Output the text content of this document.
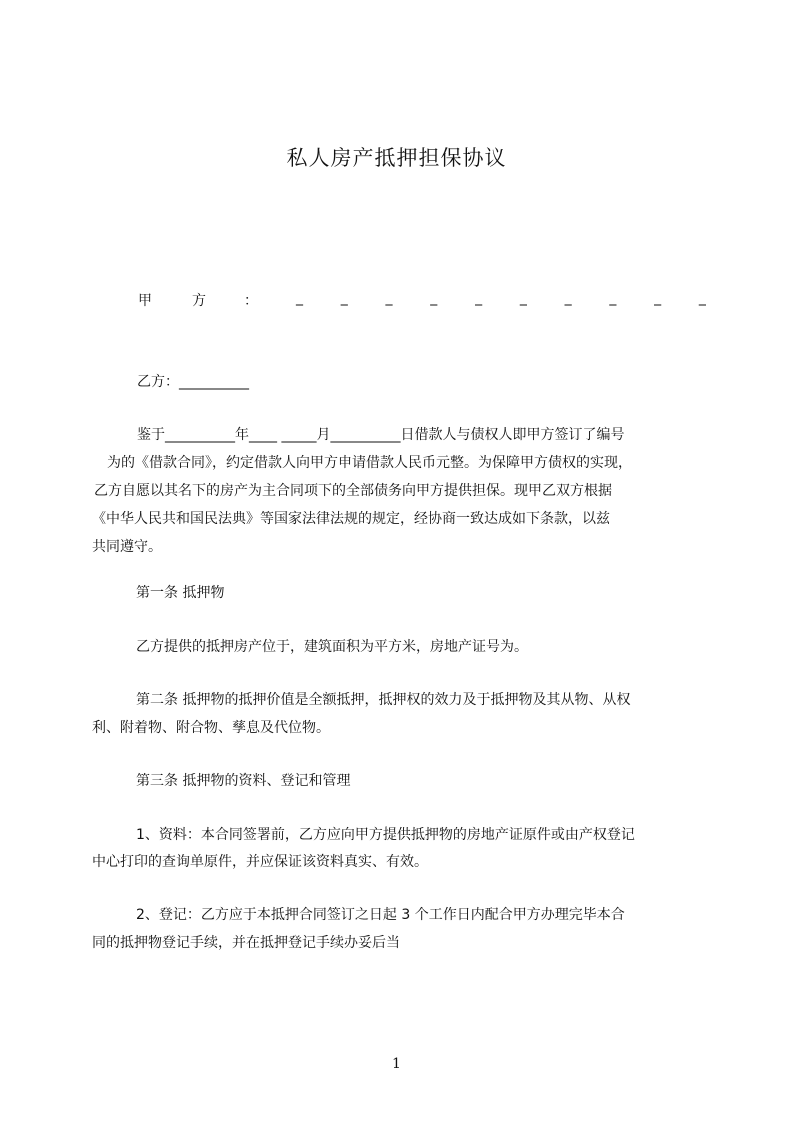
私人房产抵押担保协议
甲	方	：	_	_	_	_	_	_	_	_	_	_
乙方：__________
鉴于__________年____ _____月__________日借款人与债权人即甲方签订了编号
为的《借款合同》，约定借款人向甲方申请借款人民币元整。为保障甲方债权的实现，
乙方自愿以其名下的房产为主合同项下的全部债务向甲方提供担保。现甲乙双方根据
《中华人民共和国民法典》等国家法律法规的规定，经协商一致达成如下条款，以兹
共同遵守。
第一条 抵押物
乙方提供的抵押房产位于，建筑面积为平方米，房地产证号为。
第二条 抵押物的抵押价值是全额抵押，抵押权的效力及于抵押物及其从物、从权
利、附着物、附合物、孳息及代位物。
第三条 抵押物的资料、登记和管理
1、资料：本合同签署前，乙方应向甲方提供抵押物的房地产证原件或由产权登记
中心打印的查询单原件，并应保证该资料真实、有效。
2、登记：乙方应于本抵押合同签订之日起 3 个工作日内配合甲方办理完毕本合
同的抵押物登记手续，并在抵押登记手续办妥后当
1
